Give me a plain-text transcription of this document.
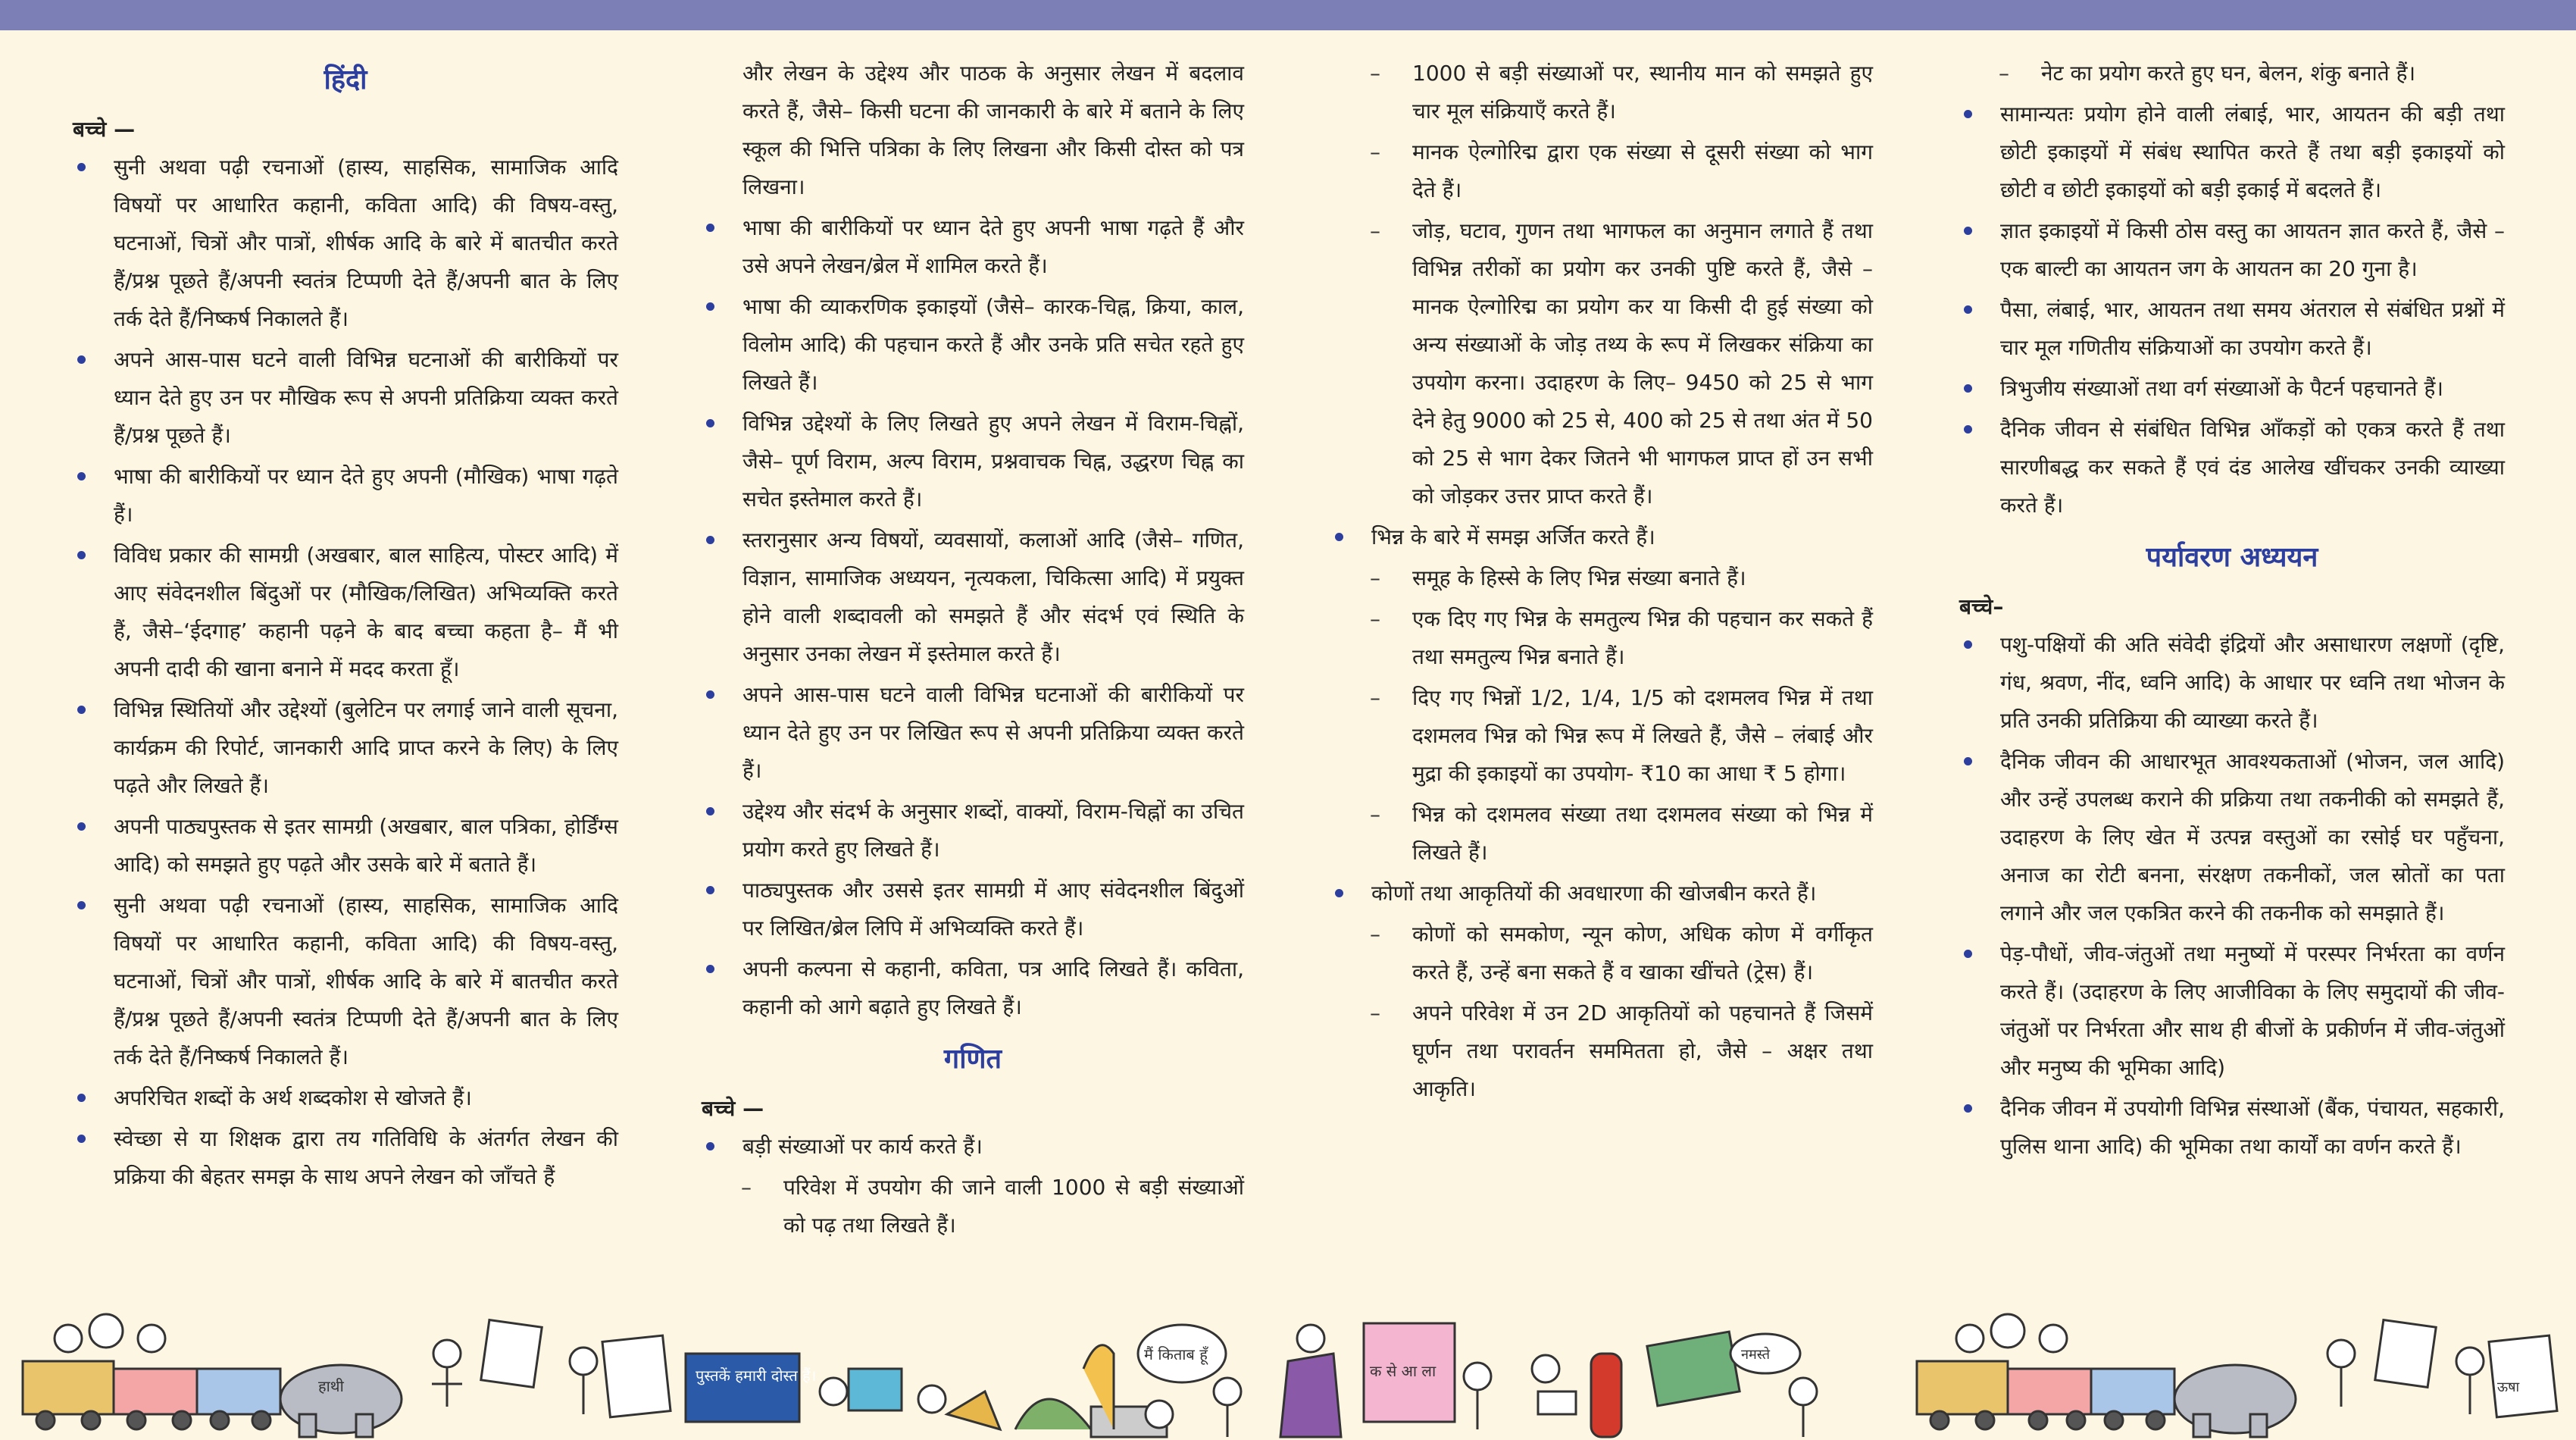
हिंदी

बच्चे —

सुनी अथवा पढ़ी रचनाओं (हास्य, साहसिक, सामाजिक आदि विषयों पर आधारित कहानी, कविता आदि) की विषय-वस्तु, घटनाओं, चित्रों और पात्रों, शीर्षक आदि के बारे में बातचीत करते हैं/प्रश्न पूछते हैं/अपनी स्वतंत्र टिप्पणी देते हैं/अपनी बात के लिए तर्क देते हैं/निष्कर्ष निकालते हैं।
अपने आस-पास घटने वाली विभिन्न घटनाओं की बारीकियों पर ध्यान देते हुए उन पर मौखिक रूप से अपनी प्रतिक्रिया व्यक्त करते हैं/प्रश्न पूछते हैं।
भाषा की बारीकियों पर ध्यान देते हुए अपनी (मौखिक) भाषा गढ़ते हैं।
विविध प्रकार की सामग्री (अखबार, बाल साहित्य, पोस्टर आदि) में आए संवेदनशील बिंदुओं पर (मौखिक/लिखित) अभिव्यक्ति करते हैं, जैसे–‘ईदगाह’ कहानी पढ़ने के बाद बच्चा कहता है– मैं भी अपनी दादी की खाना बनाने में मदद करता हूँ।
विभिन्न स्थितियों और उद्देश्यों (बुलेटिन पर लगाई जाने वाली सूचना, कार्यक्रम की रिपोर्ट, जानकारी आदि प्राप्त करने के लिए) के लिए पढ़ते और लिखते हैं।
अपनी पाठ्यपुस्तक से इतर सामग्री (अखबार, बाल पत्रिका, होर्डिंग्स आदि) को समझते हुए पढ़ते और उसके बारे में बताते हैं।
सुनी अथवा पढ़ी रचनाओं (हास्य, साहसिक, सामाजिक आदि विषयों पर आधारित कहानी, कविता आदि) की विषय-वस्तु, घटनाओं, चित्रों और पात्रों, शीर्षक आदि के बारे में बातचीत करते हैं/प्रश्न पूछते हैं/अपनी स्वतंत्र टिप्पणी देते हैं/अपनी बात के लिए तर्क देते हैं/निष्कर्ष निकालते हैं।
अपरिचित शब्दों के अर्थ शब्दकोश से खोजते हैं।
स्वेच्छा से या शिक्षक द्वारा तय गतिविधि के अंतर्गत लेखन की प्रक्रिया की बेहतर समझ के साथ अपने लेखन को जाँचते हैं

और लेखन के उद्देश्य और पाठक के अनुसार लेखन में बदलाव करते हैं, जैसे– किसी घटना की जानकारी के बारे में बताने के लिए स्कूल की भित्ति पत्रिका के लिए लिखना और किसी दोस्त को पत्र लिखना।

भाषा की बारीकियों पर ध्यान देते हुए अपनी भाषा गढ़ते हैं और उसे अपने लेखन/ब्रेल में शामिल करते हैं।
भाषा की व्याकरणिक इकाइयों (जैसे– कारक-चिह्न, क्रिया, काल, विलोम आदि) की पहचान करते हैं और उनके प्रति सचेत रहते हुए लिखते हैं।
विभिन्न उद्देश्यों के लिए लिखते हुए अपने लेखन में विराम-चिह्नों, जैसे– पूर्ण विराम, अल्प विराम, प्रश्नवाचक चिह्न, उद्धरण चिह्न का सचेत इस्तेमाल करते हैं।
स्तरानुसार अन्य विषयों, व्यवसायों, कलाओं आदि (जैसे– गणित, विज्ञान, सामाजिक अध्ययन, नृत्यकला, चिकित्सा आदि) में प्रयुक्त होने वाली शब्दावली को समझते हैं और संदर्भ एवं स्थिति के अनुसार उनका लेखन में इस्तेमाल करते हैं।
अपने आस-पास घटने वाली विभिन्न घटनाओं की बारीकियों पर ध्यान देते हुए उन पर लिखित रूप से अपनी प्रतिक्रिया व्यक्त करते हैं।
उद्देश्य और संदर्भ के अनुसार शब्दों, वाक्यों, विराम-चिह्नों का उचित प्रयोग करते हुए लिखते हैं।
पाठ्यपुस्तक और उससे इतर सामग्री में आए संवेदनशील बिंदुओं पर लिखित/ब्रेल लिपि में अभिव्यक्ति करते हैं।
अपनी कल्पना से कहानी, कविता, पत्र आदि लिखते हैं। कविता, कहानी को आगे बढ़ाते हुए लिखते हैं।
गणित

बच्चे —

बड़ी संख्याओं पर कार्य करते हैं।
– परिवेश में उपयोग की जाने वाली 1000 से बड़ी संख्याओं को पढ़ तथा लिखते हैं।
– 1000 से बड़ी संख्याओं पर, स्थानीय मान को समझते हुए चार मूल संक्रियाएँ करते हैं।
– मानक ऐल्गोरिद्म द्वारा एक संख्या से दूसरी संख्या को भाग देते हैं।
– जोड़, घटाव, गुणन तथा भागफल का अनुमान लगाते हैं तथा विभिन्न तरीकों का प्रयोग कर उनकी पुष्टि करते हैं, जैसे – मानक ऐल्गोरिद्म का प्रयोग कर या किसी दी हुई संख्या को अन्य संख्याओं के जोड़ तथ्य के रूप में लिखकर संक्रिया का उपयोग करना। उदाहरण के लिए– 9450 को 25 से भाग देने हेतु 9000 को 25 से, 400 को 25 से तथा अंत में 50 को 25 से भाग देकर जितने भी भागफल प्राप्त हों उन सभी को जोड़कर उत्तर प्राप्त करते हैं।
भिन्न के बारे में समझ अर्जित करते हैं।
– समूह के हिस्से के लिए भिन्न संख्या बनाते हैं।
– एक दिए गए भिन्न के समतुल्य भिन्न की पहचान कर सकते हैं तथा समतुल्य भिन्न बनाते हैं।
– दिए गए भिन्नों 1/2, 1/4, 1/5 को दशमलव भिन्न में तथा दशमलव भिन्न को भिन्न रूप में लिखते हैं, जैसे – लंबाई और मुद्रा की इकाइयों का उपयोग- ₹10 का आधा ₹ 5 होगा।
– भिन्न को दशमलव संख्या तथा दशमलव संख्या को भिन्न में लिखते हैं।
कोणों तथा आकृतियों की अवधारणा की खोजबीन करते हैं।
– कोणों को समकोण, न्यून कोण, अधिक कोण में वर्गीकृत करते हैं, उन्हें बना सकते हैं व खाका खींचते (ट्रेस) हैं।
– अपने परिवेश में उन 2D आकृतियों को पहचानते हैं जिसमें घूर्णन तथा परावर्तन सममितता हो, जैसे – अक्षर तथा आकृति।
– नेट का प्रयोग करते हुए घन, बेलन, शंकु बनाते हैं।
सामान्यतः प्रयोग होने वाली लंबाई, भार, आयतन की बड़ी तथा छोटी इकाइयों में संबंध स्थापित करते हैं तथा बड़ी इकाइयों को छोटी व छोटी इकाइयों को बड़ी इकाई में बदलते हैं।
ज्ञात इकाइयों में किसी ठोस वस्तु का आयतन ज्ञात करते हैं, जैसे – एक बाल्टी का आयतन जग के आयतन का 20 गुना है।
पैसा, लंबाई, भार, आयतन तथा समय अंतराल से संबंधित प्रश्नों में चार मूल गणितीय संक्रियाओं का उपयोग करते हैं।
त्रिभुजीय संख्याओं तथा वर्ग संख्याओं के पैटर्न पहचानते हैं।
दैनिक जीवन से संबंधित विभिन्न आँकड़ों को एकत्र करते हैं तथा सारणीबद्ध कर सकते हैं एवं दंड आलेख खींचकर उनकी व्याख्या करते हैं।
पर्यावरण अध्ययन

बच्चे–

पशु-पक्षियों की अति संवेदी इंद्रियों और असाधारण लक्षणों (दृष्टि, गंध, श्रवण, नींद, ध्वनि आदि) के आधार पर ध्वनि तथा भोजन के प्रति उनकी प्रतिक्रिया की व्याख्या करते हैं।
दैनिक जीवन की आधारभूत आवश्यकताओं (भोजन, जल आदि) और उन्हें उपलब्ध कराने की प्रक्रिया तथा तकनीकी को समझते हैं, उदाहरण के लिए खेत में उत्पन्न वस्तुओं का रसोई घर पहुँचना, अनाज का रोटी बनना, संरक्षण तकनीकों, जल स्रोतों का पता लगाने और जल एकत्रित करने की तकनीक को समझाते हैं।
पेड़-पौधों, जीव-जंतुओं तथा मनुष्यों में परस्पर निर्भरता का वर्णन करते हैं। (उदाहरण के लिए आजीविका के लिए समुदायों की जीव-जंतुओं पर निर्भरता और साथ ही बीजों के प्रकीर्णन में जीव-जंतुओं और मनुष्य की भूमिका आदि)
दैनिक जीवन में उपयोगी विभिन्न संस्थाओं (बैंक, पंचायत, सहकारी, पुलिस थाना आदि) की भूमिका तथा कार्यों का वर्णन करते हैं।
हाथी
पुस्तकें हमारी दोस्त हैं।
मैं किताब हूँ
क से आ ला
नमस्ते
ऊषा
